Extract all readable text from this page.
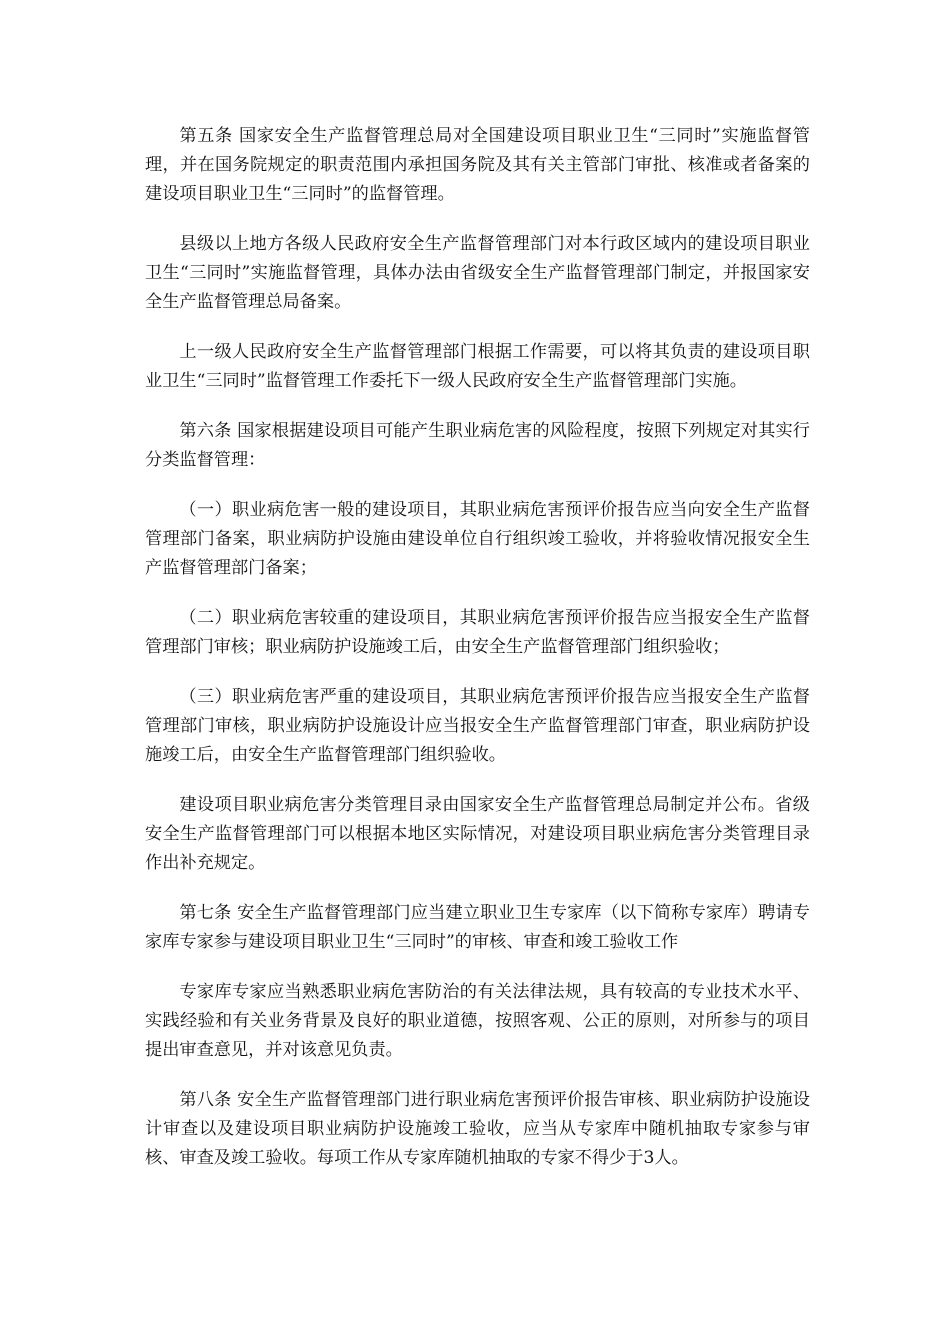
第五条 国家安全生产监督管理总局对全国建设项目职业卫生“三同时”实施监督管理，并在国务院规定的职责范围内承担国务院及其有关主管部门审批、核准或者备案的建设项目职业卫生“三同时”的监督管理。

县级以上地方各级人民政府安全生产监督管理部门对本行政区域内的建设项目职业卫生“三同时”实施监督管理，具体办法由省级安全生产监督管理部门制定，并报国家安全生产监督管理总局备案。

上一级人民政府安全生产监督管理部门根据工作需要，可以将其负责的建设项目职业卫生“三同时”监督管理工作委托下一级人民政府安全生产监督管理部门实施。

第六条 国家根据建设项目可能产生职业病危害的风险程度，按照下列规定对其实行分类监督管理：

（一）职业病危害一般的建设项目，其职业病危害预评价报告应当向安全生产监督管理部门备案，职业病防护设施由建设单位自行组织竣工验收，并将验收情况报安全生产监督管理部门备案；

（二）职业病危害较重的建设项目，其职业病危害预评价报告应当报安全生产监督管理部门审核；职业病防护设施竣工后，由安全生产监督管理部门组织验收；

（三）职业病危害严重的建设项目，其职业病危害预评价报告应当报安全生产监督管理部门审核，职业病防护设施设计应当报安全生产监督管理部门审查，职业病防护设施竣工后，由安全生产监督管理部门组织验收。

建设项目职业病危害分类管理目录由国家安全生产监督管理总局制定并公布。省级安全生产监督管理部门可以根据本地区实际情况，对建设项目职业病危害分类管理目录作出补充规定。

第七条 安全生产监督管理部门应当建立职业卫生专家库（以下简称专家库）聘请专家库专家参与建设项目职业卫生“三同时”的审核、审查和竣工验收工作

专家库专家应当熟悉职业病危害防治的有关法律法规，具有较高的专业技术水平、实践经验和有关业务背景及良好的职业道德，按照客观、公正的原则，对所参与的项目提出审查意见，并对该意见负责。

第八条 安全生产监督管理部门进行职业病危害预评价报告审核、职业病防护设施设计审查以及建设项目职业病防护设施竣工验收，应当从专家库中随机抽取专家参与审核、审查及竣工验收。每项工作从专家库随机抽取的专家不得少于3人。
